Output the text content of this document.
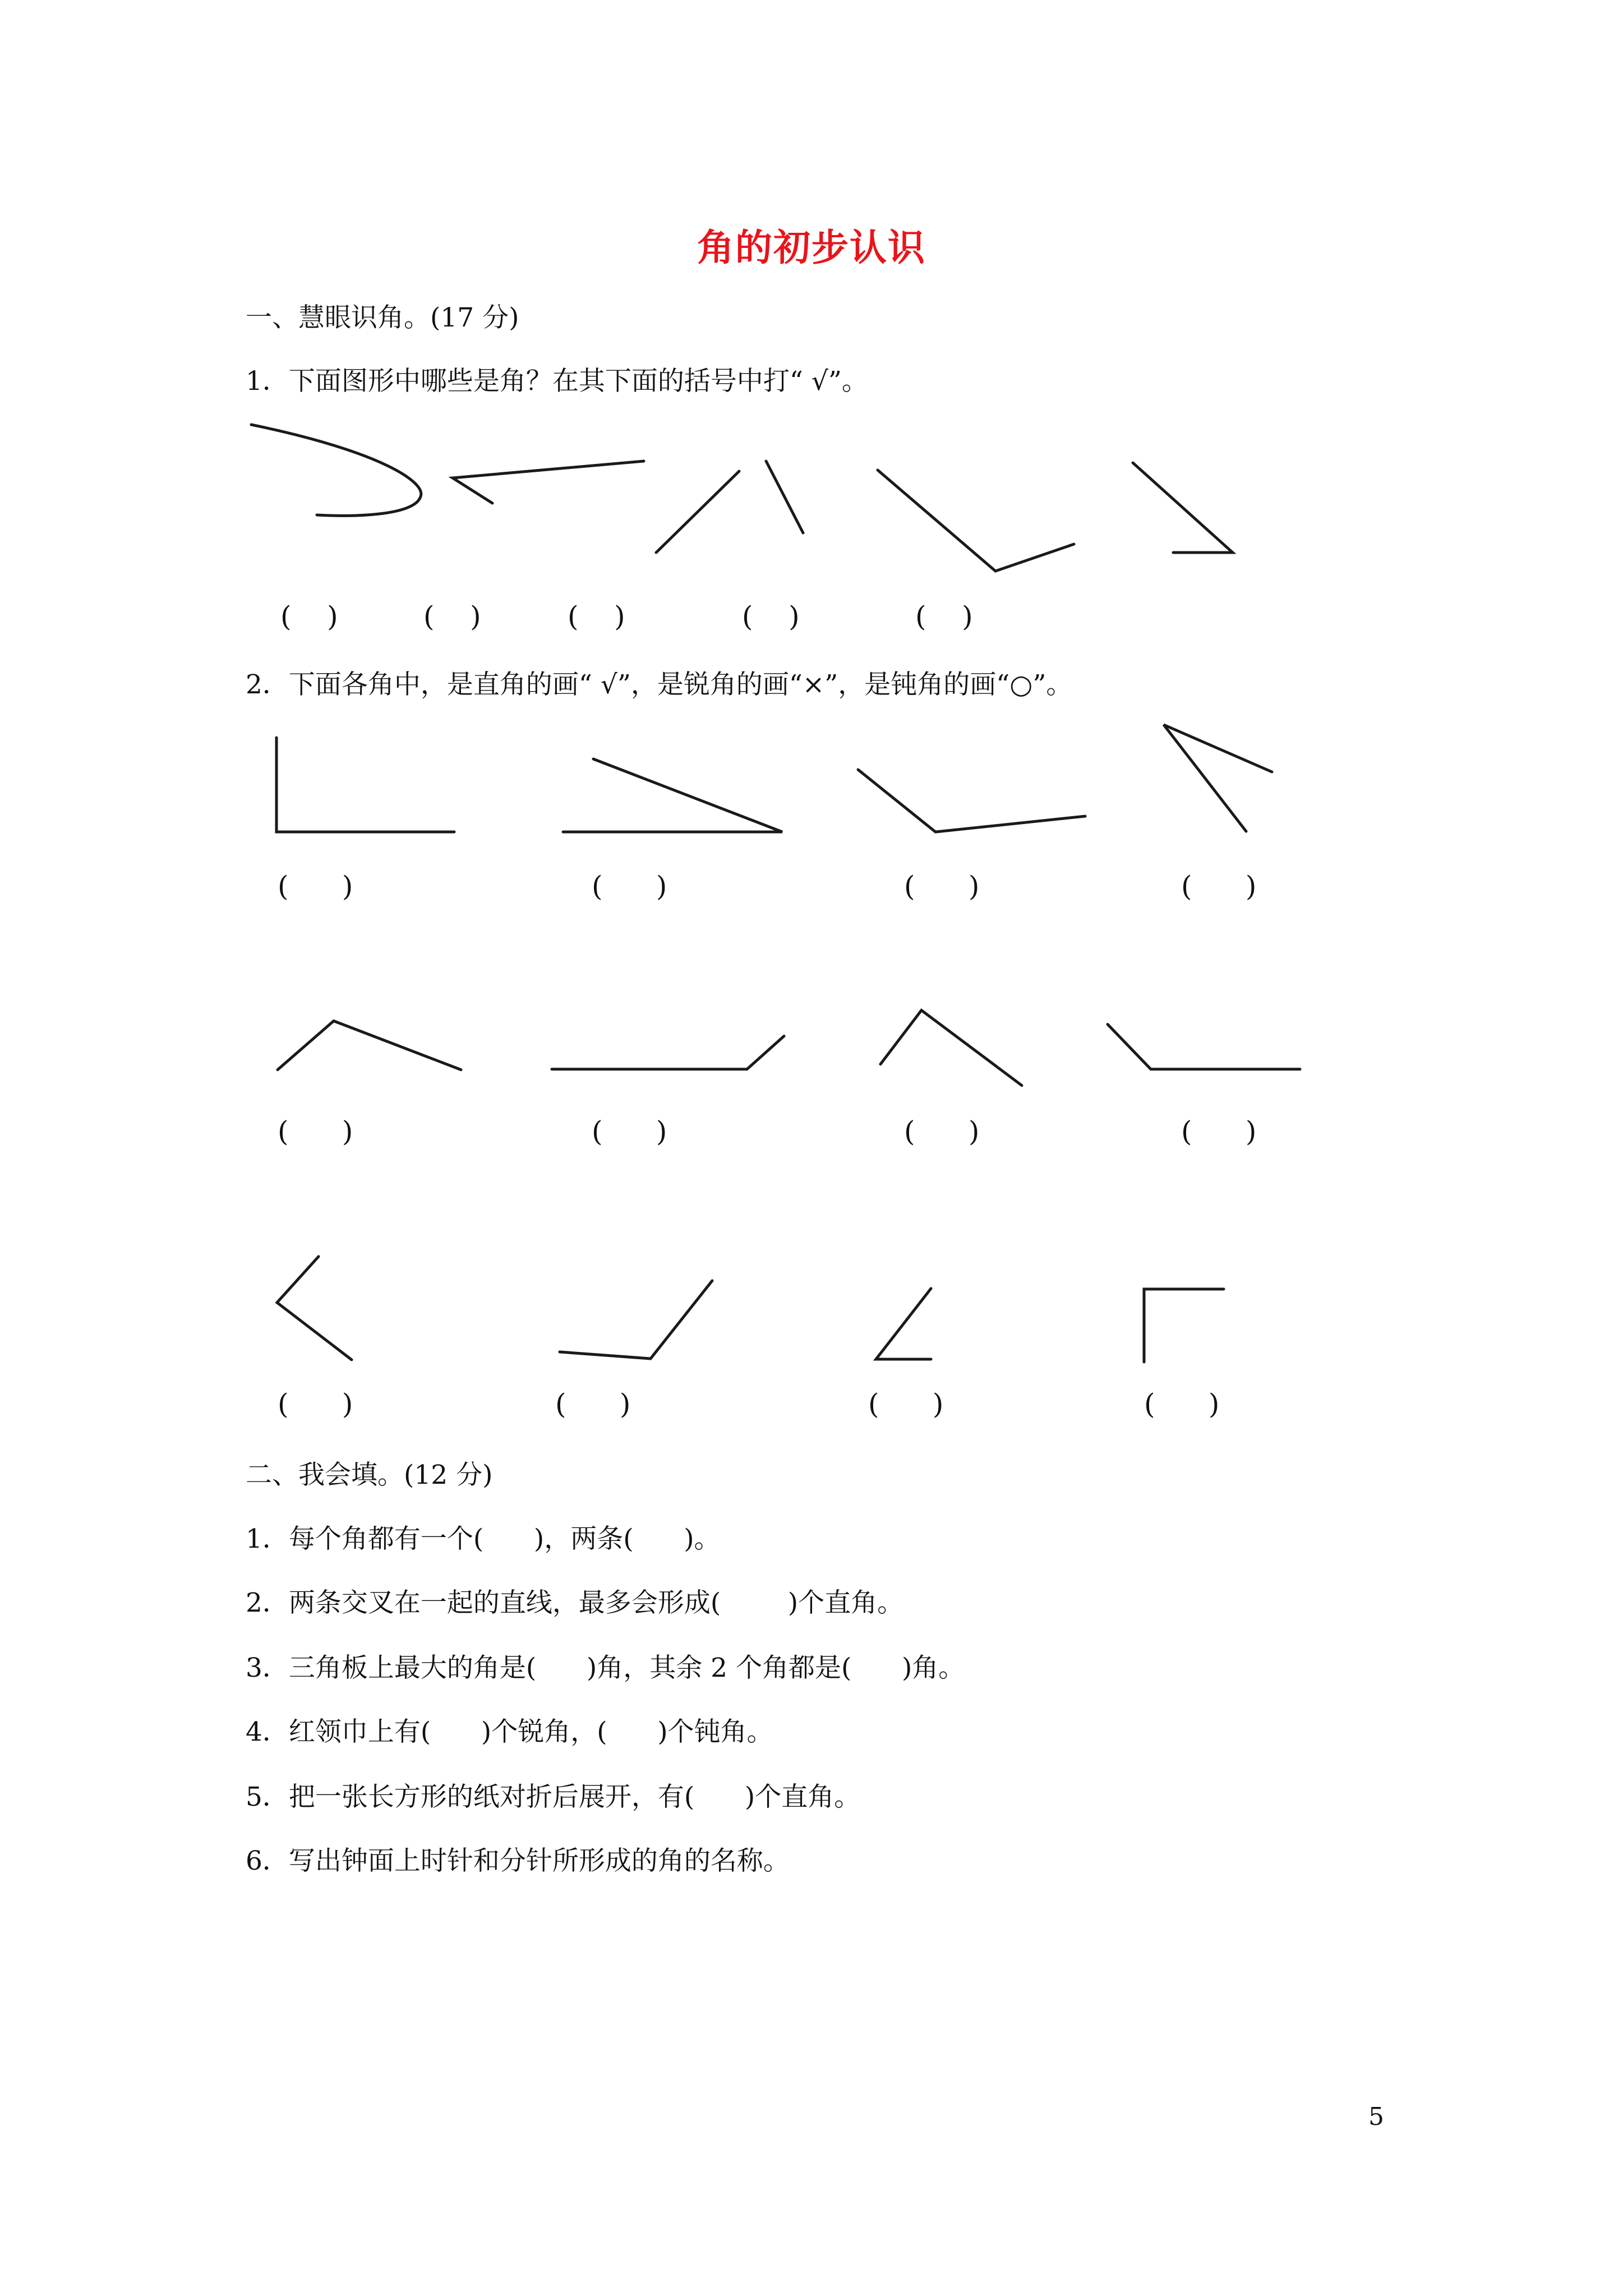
角的初步认识
一、慧眼识角。(17 分)
1．下面图形中哪些是角？在其下面的括号中打“ √”。
(    )	(    )	(    )	(    )	(    )
2．下面各角中，是直角的画“ √”，是锐角的画“×”，是钝角的画“○”。
(      )	(      )	(      )	(      )
(      )	(      )	(      )	(      )
(      )	(      )	(      )	(      )
二、我会填。(12 分)
1．每个角都有一个(      )，两条(      )。
2．两条交叉在一起的直线，最多会形成(        )个直角。
3．三角板上最大的角是(      )角，其余 2 个角都是(      )角。
4．红领巾上有(      )个锐角，(      )个钝角。
5．把一张长方形的纸对折后展开，有(      )个直角。
6．写出钟面上时针和分针所形成的角的名称。
5
